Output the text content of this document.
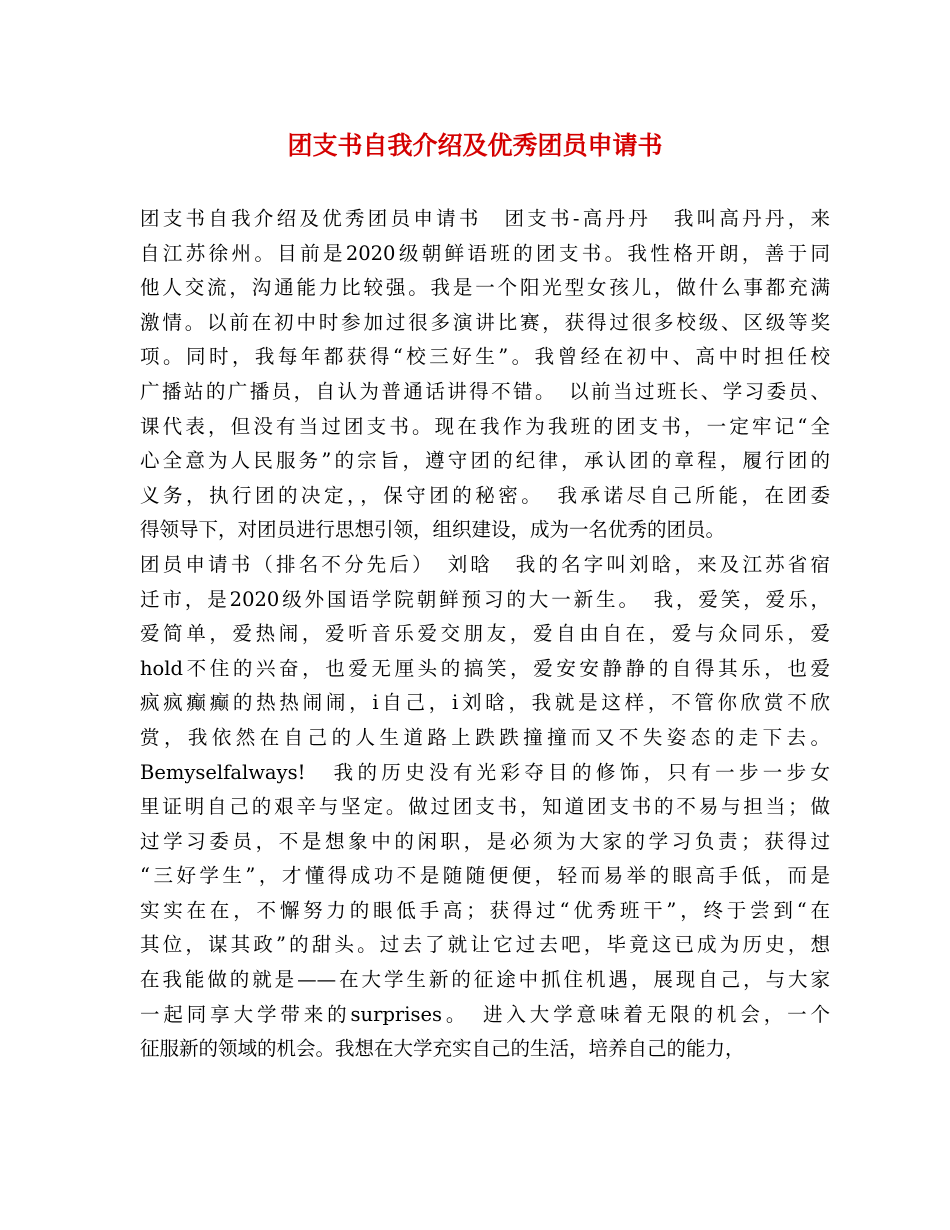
团支书自我介绍及优秀团员申请书
团支书自我介绍及优秀团员申请书　团支书-高丹丹　我叫高丹丹，来
自江苏徐州。目前是2020级朝鲜语班的团支书。我性格开朗，善于同
他人交流，沟通能力比较强。我是一个阳光型女孩儿，做什么事都充满
激情。以前在初中时参加过很多演讲比赛，获得过很多校级、区级等奖
项。同时，我每年都获得“校三好生”。我曾经在初中、高中时担任校
广播站的广播员，自认为普通话讲得不错。　以前当过班长、学习委员、
课代表，但没有当过团支书。现在我作为我班的团支书，一定牢记“全
心全意为人民服务”的宗旨，遵守团的纪律，承认团的章程，履行团的
义务，执行团的决定，，保守团的秘密。　我承诺尽自己所能，在团委
得领导下，对团员进行思想引领，组织建设，成为一名优秀的团员。
团员申请书（排名不分先后）　刘晗　我的名字叫刘晗，来及江苏省宿
迁市，是2020级外国语学院朝鲜预习的大一新生。　我，爱笑，爱乐，
爱简单，爱热闹，爱听音乐爱交朋友，爱自由自在，爱与众同乐，爱
hold不住的兴奋，也爱无厘头的搞笑，爱安安静静的自得其乐，也爱
疯疯癫癫的热热闹闹，i自己，i刘晗，我就是这样，不管你欣赏不欣
赏，我依然在自己的人生道路上跌跌撞撞而又不失姿态的走下去。
Bemyselfalways!　我的历史没有光彩夺目的修饰，只有一步一步女
里证明自己的艰辛与坚定。做过团支书，知道团支书的不易与担当；做
过学习委员，不是想象中的闲职，是必须为大家的学习负责；获得过
“三好学生”，才懂得成功不是随随便便，轻而易举的眼高手低，而是
实实在在，不懈努力的眼低手高；获得过“优秀班干”，终于尝到“在
其位，谋其政”的甜头。过去了就让它过去吧，毕竟这已成为历史，想
在我能做的就是——在大学生新的征途中抓住机遇，展现自己，与大家
一起同享大学带来的surprises。　进入大学意味着无限的机会，一个
征服新的领域的机会。我想在大学充实自己的生活，培养自己的能力，
